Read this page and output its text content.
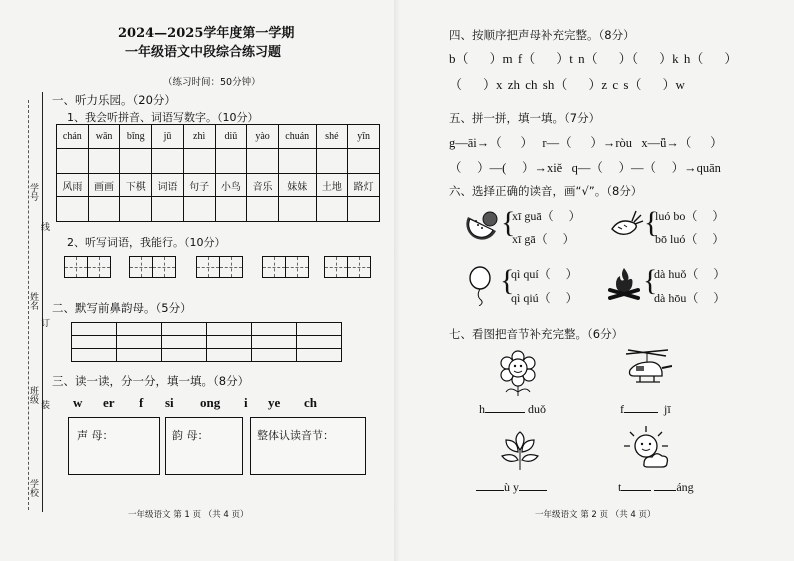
学号
线
姓名
订
班级
装
学校
2024—2025学年度第一学期
一年级语文中段综合练习题
（练习时间：50分钟）
一、听力乐园。（20分）
1、我会听拼音、词语写数字。（10分）
chán	wān	bīng	jū	zhì	diǔ	yào	chuán	shé	yīn

风雨	画画	下棋	词语	句子	小鸟	音乐	妹妹	土地	路灯

2、听写词语，我能行。（10分）
二、默写前鼻韵母。（5分）

三、读一读，分一分，填一填。（8分）
w er f si ong i ye ch
声 母：	韵 母：	整体认读音节：
一年级语文 第 1 页 （共 4 页）
四、按顺序把声母补充完整。（8分）
b（ ）m f（ ）t n（ ）（ ）k h（ ）
（ ）x zh ch sh（ ）z c s（ ）w
五、拼一拼，填一填。（7分）
g—āi→（ ） r—（ ）→ròu x—ǖ→（ ）
（ ）—( ）→xiě q—（ ）—（ ）→quān
六、选择正确的读音，画“√”。（8分）
{
xī guā（ ）
xī gā（ ） {
luó bo（ ）
bō luó（ ）
{
qì quí（ ）
qì qiú（ ）
{
dà huǒ（ ）
dà hōu（ ）
七、看图把音节补充完整。（6分）
h	duǒ	f	jī
ù y	t	áng
一年级语文 第 2 页 （共 4 页）
